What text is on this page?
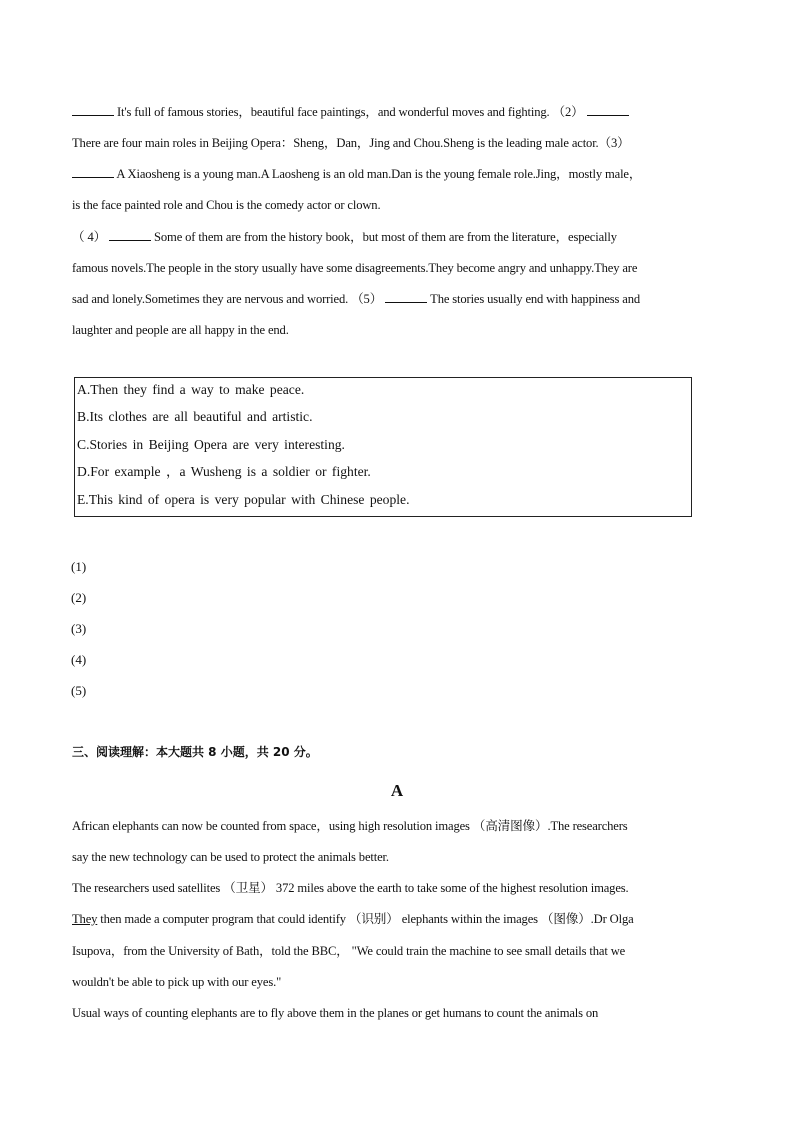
It's full of famous stories，beautiful face paintings，and wonderful moves and fighting. （2）
There are four main roles in Beijing Opera：Sheng，Dan，Jing and Chou.Sheng is the leading male actor.（3）
A Xiaosheng is a young man.A Laosheng is an old man.Dan is the young female role.Jing，mostly male，
is the face painted role and Chou is the comedy actor or clown.
（ 4）	Some of them are from the history book，but most of them are from the literature，especially
famous novels.The people in the story usually have some disagreements.They become angry and unhappy.They are
sad and lonely.Sometimes they are nervous and worried. （5）	The stories usually end with happiness and
laughter and people are all happy in the end.
A.Then they find a way to make peace.
B.Its clothes are all beautiful and artistic.
C.Stories in Beijing Opera are very interesting.
D.For example ，a Wusheng is a soldier or fighter.
E.This kind of opera is very popular with Chinese people.
(1)
(2)
(3)
(4)
(5)
三、阅读理解：本大题共 8 小题，共 20 分。
A
African elephants can now be counted from space，using high resolution images （高清图像）.The researchers
say the new technology can be used to protect the animals better.
The researchers used satellites （卫星） 372 miles above the earth to take some of the highest resolution images.
They then made a computer program that could identify （识别） elephants within the images （图像）.Dr Olga
Isupova，from the University of Bath，told the BBC， "We could train the machine to see small details that we
wouldn't be able to pick up with our eyes."
Usual ways of counting elephants are to fly above them in the planes or get humans to count the animals on
